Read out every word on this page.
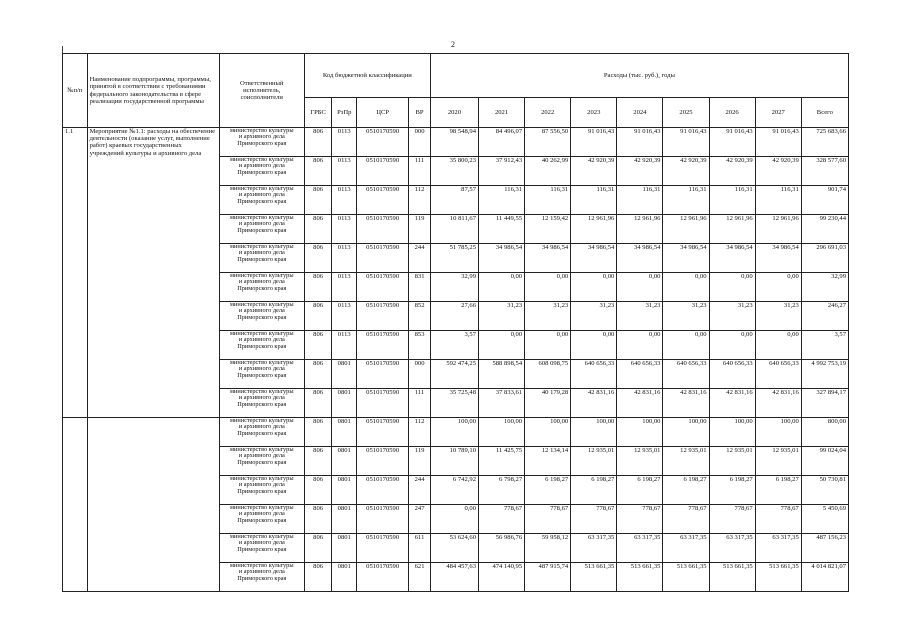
2
№п/п	Наименование подпрограммы, программы, принятой в соответствии с требованиями федерального законодательства в сфере реализации государственной программы	Ответственный исполнитель, соисполнители	Код бюджетной классификации				Расходы (тыс. руб.), годы								
			ГРБС	РзПр	ЦСР	ВР	2020	2021	2022	2023	2024	2025	2026	2027	Всего
1.1	Мероприятие №1.1: расходы на обеспечение деятельности (оказание услуг, выполнение работ) краевых государственных учреждений культуры и архивного дела	министерство культуры
и архивного дела
Приморского края	806	0113	0510170590	000	98 548,94	84 496,07	87 556,50	91 016,43	91 016,43	91 016,43	91 016,43	91 016,43	725 683,66

		министерство культуры
и архивного дела
Приморского края	806	0113	0510170590	111	35 800,23	37 912,43	40 262,99	42 920,39	42 920,39	42 920,39	42 920,39	42 920,39	328 577,60

		министерство культуры
и архивного дела
Приморского края	806	0113	0510170590	112	87,57	116,31	116,31	116,31	116,31	116,31	116,31	116,31	901,74

		министерство культуры
и архивного дела
Приморского края	806	0113	0510170590	119	10 811,67	11 449,55	12 159,42	12 961,96	12 961,96	12 961,96	12 961,96	12 961,96	99 230,44

		министерство культуры
и архивного дела
Приморского края	806	0113	0510170590	244	51 785,25	34 986,54	34 986,54	34 986,54	34 986,54	34 986,54	34 986,54	34 986,54	296 691,03

		министерство культуры
и архивного дела
Приморского края	806	0113	0510170590	831	32,99	0,00	0,00	0,00	0,00	0,00	0,00	0,00	32,99

		министерство культуры
и архивного дела
Приморского края	806	0113	0510170590	852	27,66	31,23	31,23	31,23	31,23	31,23	31,23	31,23	246,27

		министерство культуры
и архивного дела
Приморского края	806	0113	0510170590	853	3,57	0,00	0,00	0,00	0,00	0,00	0,00	0,00	3,57

		министерство культуры
и архивного дела
Приморского края	806	0801	0510170590	000	592 474,25	588 898,54	608 098,75	640 656,33	640 656,33	640 656,33	640 656,33	640 656,33	4 992 753,19

		министерство культуры
и архивного дела
Приморского края	806	0801	0510170590	111	35 725,48	37 833,61	40 179,28	42 831,16	42 831,16	42 831,16	42 831,16	42 831,16	327 894,17

		министерство культуры
и архивного дела
Приморского края	806	0801	0510170590	112	100,00	100,00	100,00	100,00	100,00	100,00	100,00	100,00	800,00

		министерство культуры
и архивного дела
Приморского края	806	0801	0510170590	119	10 789,10	11 425,75	12 134,14	12 935,01	12 935,01	12 935,01	12 935,01	12 935,01	99 024,04

		министерство культуры
и архивного дела
Приморского края	806	0801	0510170590	244	6 742,92	6 798,27	6 198,27	6 198,27	6 198,27	6 198,27	6 198,27	6 198,27	50 730,81

		министерство культуры
и архивного дела
Приморского края	806	0801	0510170590	247	0,00	778,67	778,67	778,67	778,67	778,67	778,67	778,67	5 450,69

		министерство культуры
и архивного дела
Приморского края	806	0801	0510170590	611	53 624,60	56 986,76	59 958,12	63 317,35	63 317,35	63 317,35	63 317,35	63 317,35	487 156,23

		министерство культуры
и архивного дела
Приморского края	806	0801	0510170590	621	484 457,63	474 140,95	487 915,74	513 661,35	513 661,35	513 661,35	513 661,35	513 661,35	4 014 821,07
